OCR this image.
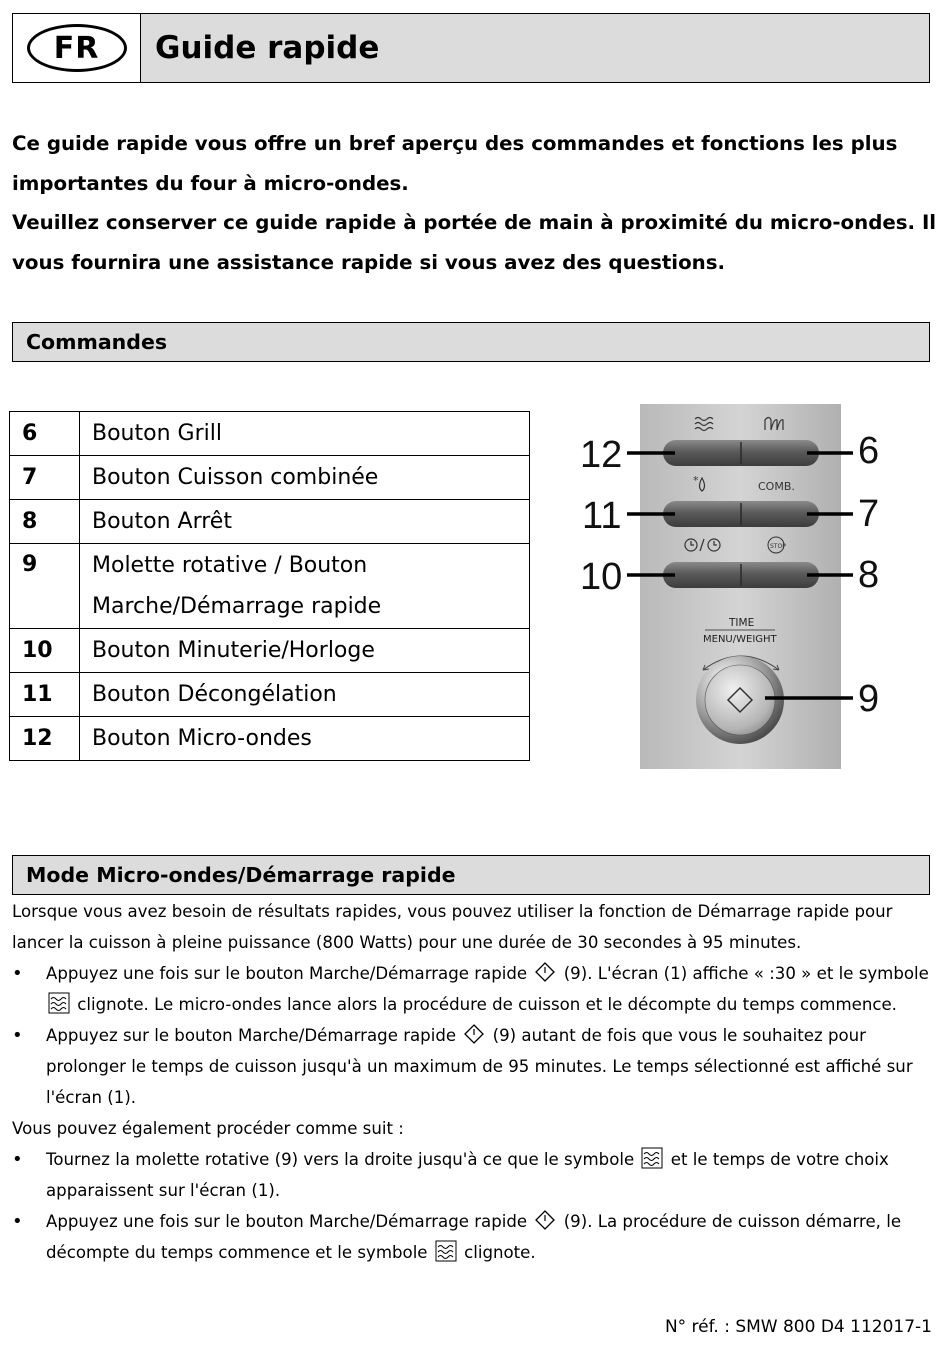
FR	Guide rapide

Ce guide rapide vous offre un bref aperçu des commandes et fonctions les plus importantes du four à micro-ondes.

Veuillez conserver ce guide rapide à portée de main à proximité du micro-ondes. Il vous fournira une assistance rapide si vous avez des questions.

Commandes
6	Bouton Grill
7	Bouton Cuisson combinée
8	Bouton Arrêt
9	Molette rotative / Bouton Marche/Démarrage rapide
10	Bouton Minuterie/Horloge
11	Bouton Décongélation
12	Bouton Micro-ondes
*	COMB.
STOP
TIME
MENU/WEIGHT
12
11
10
6
7
8
9
Mode Micro-ondes/Démarrage rapide

Lorsque vous avez besoin de résultats rapides, vous pouvez utiliser la fonction de Démarrage rapide pour lancer la cuisson à pleine puissance (800 Watts) pour une durée de 30 secondes à 95 minutes.

• Appuyez une fois sur le bouton Marche/Démarrage rapide (9). L'écran (1) affiche « :30 » et le symbole  clignote. Le micro-ondes lance alors la procédure de cuisson et le décompte du temps commence.
• Appuyez sur le bouton Marche/Démarrage rapide (9) autant de fois que vous le souhaitez pour prolonger le temps de cuisson jusqu'à un maximum de 95 minutes. Le temps sélectionné est affiché sur l'écran (1).

Vous pouvez également procéder comme suit :

• Tournez la molette rotative (9) vers la droite jusqu'à ce que le symbole et le temps de votre choix apparaissent sur l'écran (1).
• Appuyez une fois sur le bouton Marche/Démarrage rapide (9). La procédure de cuisson démarre, le décompte du temps commence et le symbole clignote.
N° réf. : SMW 800 D4 112017-1
